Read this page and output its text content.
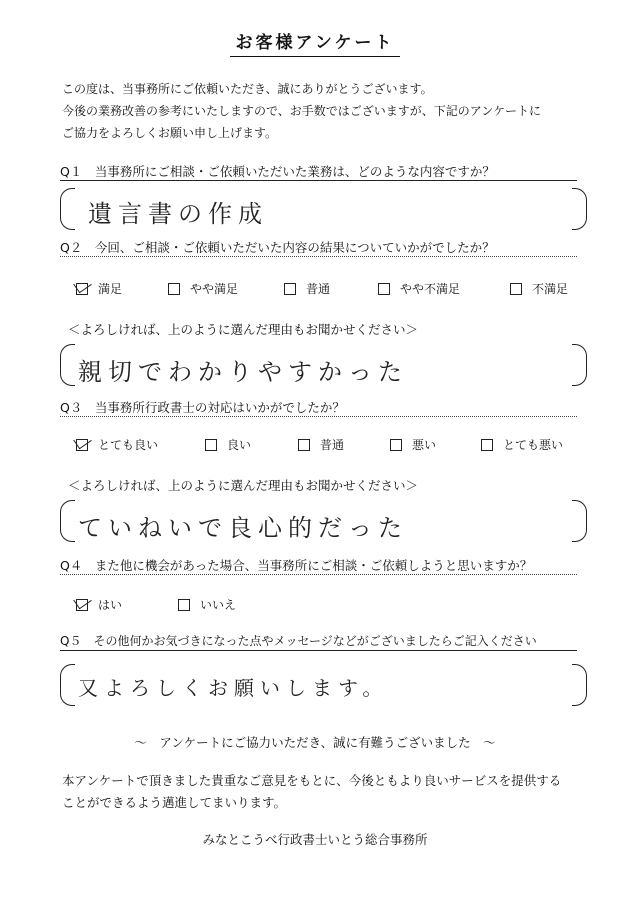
お客様アンケート
この度は、当事務所にご依頼いただき、誠にありがとうございます。
今後の業務改善の参考にいたしますので、お手数ではございますが、下記のアンケートに
ご協力をよろしくお願い申し上げます。
Q１　当事務所にご相談・ご依頼いただいた業務は、どのような内容ですか？
遺言書の作成
Q２　今回、ご相談・ご依頼いただいた内容の結果についていかがでしたか？
満足	やや満足	普通	やや不満足	不満足
＜よろしければ、上のように選んだ理由もお聞かせください＞
親切でわかりやすかった
Q３　当事務所行政書士の対応はいかがでしたか？
とても良い	良い	普通	悪い	とても悪い
＜よろしければ、上のように選んだ理由もお聞かせください＞
ていねいで良心的だった
Q４　また他に機会があった場合、当事務所にご相談・ご依頼しようと思いますか？
はい	いいえ
Q５　その他何かお気づきになった点やメッセージなどがございましたらご記入ください
又よろしくお願いします。
～　アンケートにご協力いただき、誠に有難うございました　～
本アンケートで頂きました貴重なご意見をもとに、今後ともより良いサービスを提供する
ことができるよう邁進してまいります。
みなとこうべ行政書士いとう総合事務所
